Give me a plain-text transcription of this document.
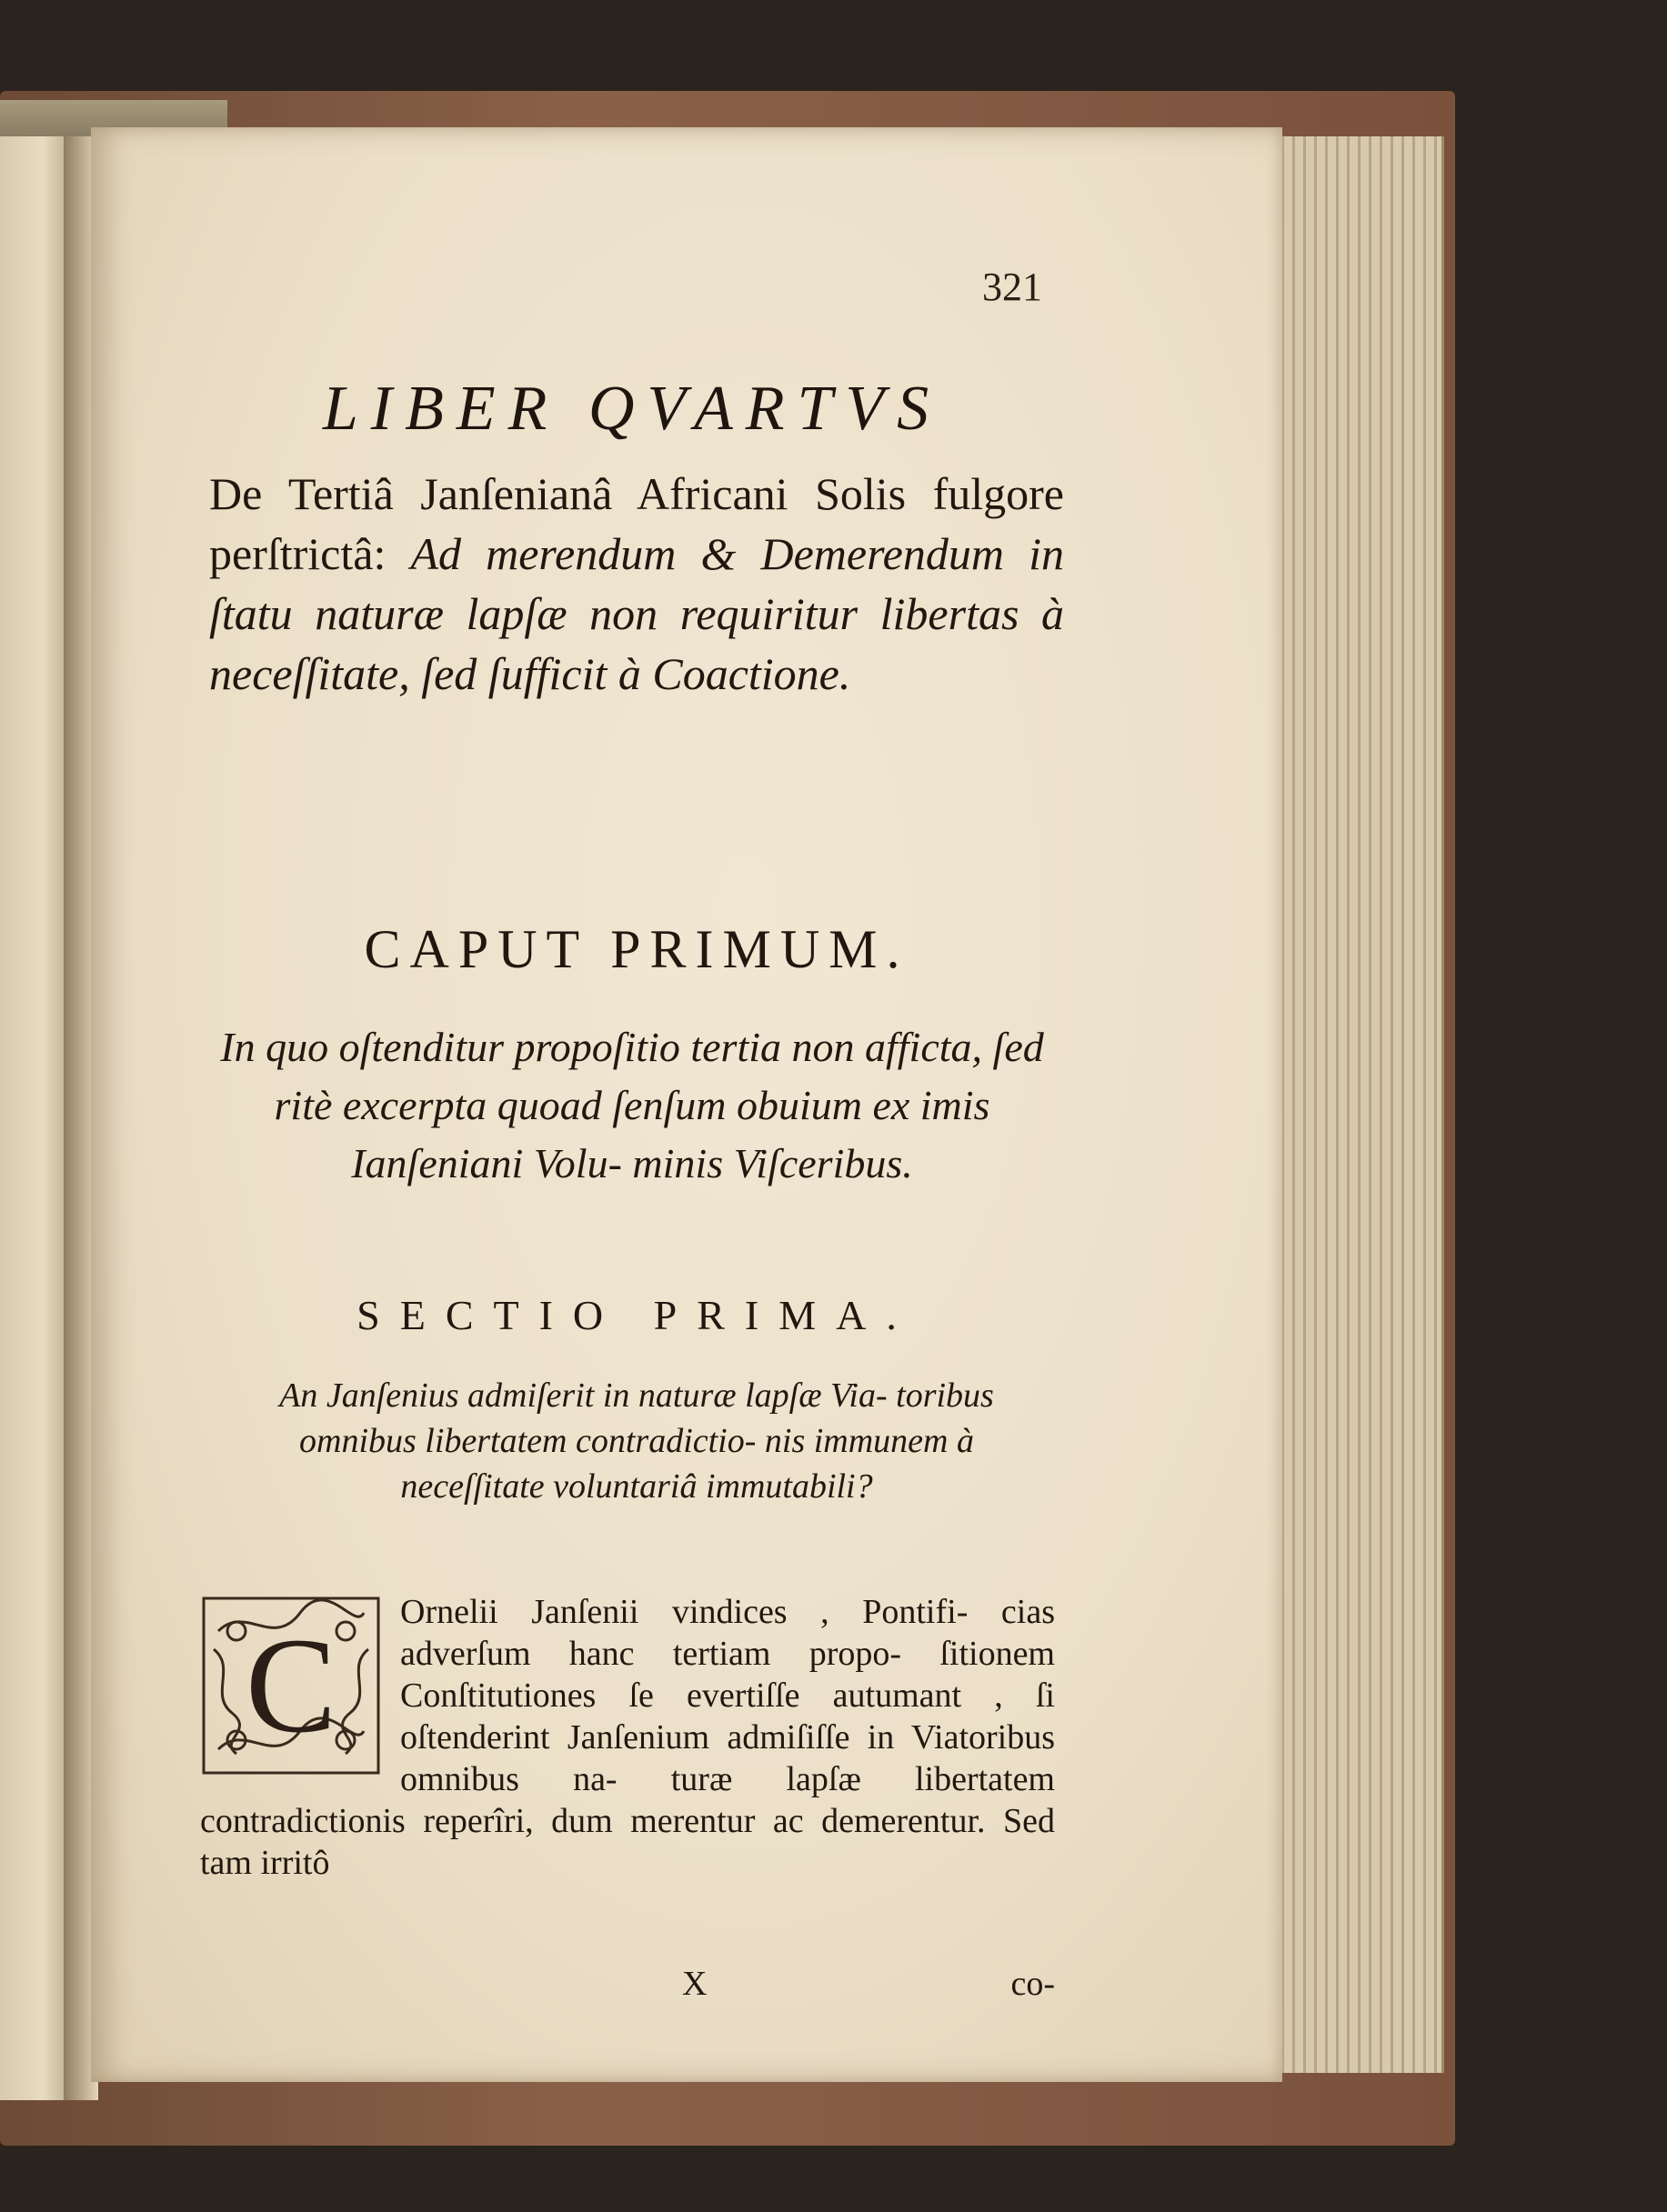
321
LIBER QVARTVS
De Tertiâ Janſenianâ Africani Solis fulgore perſtrictâ: Ad merendum & Demerendum in ſtatu naturæ lapſæ non requiritur libertas à neceſſitate, ſed ſufficit à Coactione.
CAPUT PRIMUM.
In quo oſtenditur propoſitio tertia non afficta, ſed ritè excerpta quoad ſenſum obuium ex imis Ianſeniani Volu- minis Viſceribus.
SECTIO PRIMA.
An Janſenius admiſerit in naturæ lapſæ Via- toribus omnibus libertatem contradictio- nis immunem à neceſſitate voluntariâ immutabili?
C Ornelii Janſenii vindices , Pontifi- cias adverſum hanc tertiam propo- ſitionem Conſtitutiones ſe evertiſſe autumant , ſi oſtenderint Janſenium admiſiſſe in Viatoribus omnibus na- turæ lapſæ libertatem contradictionis reperîri, dum merentur ac demerentur. Sed tam irritô
X	co-
